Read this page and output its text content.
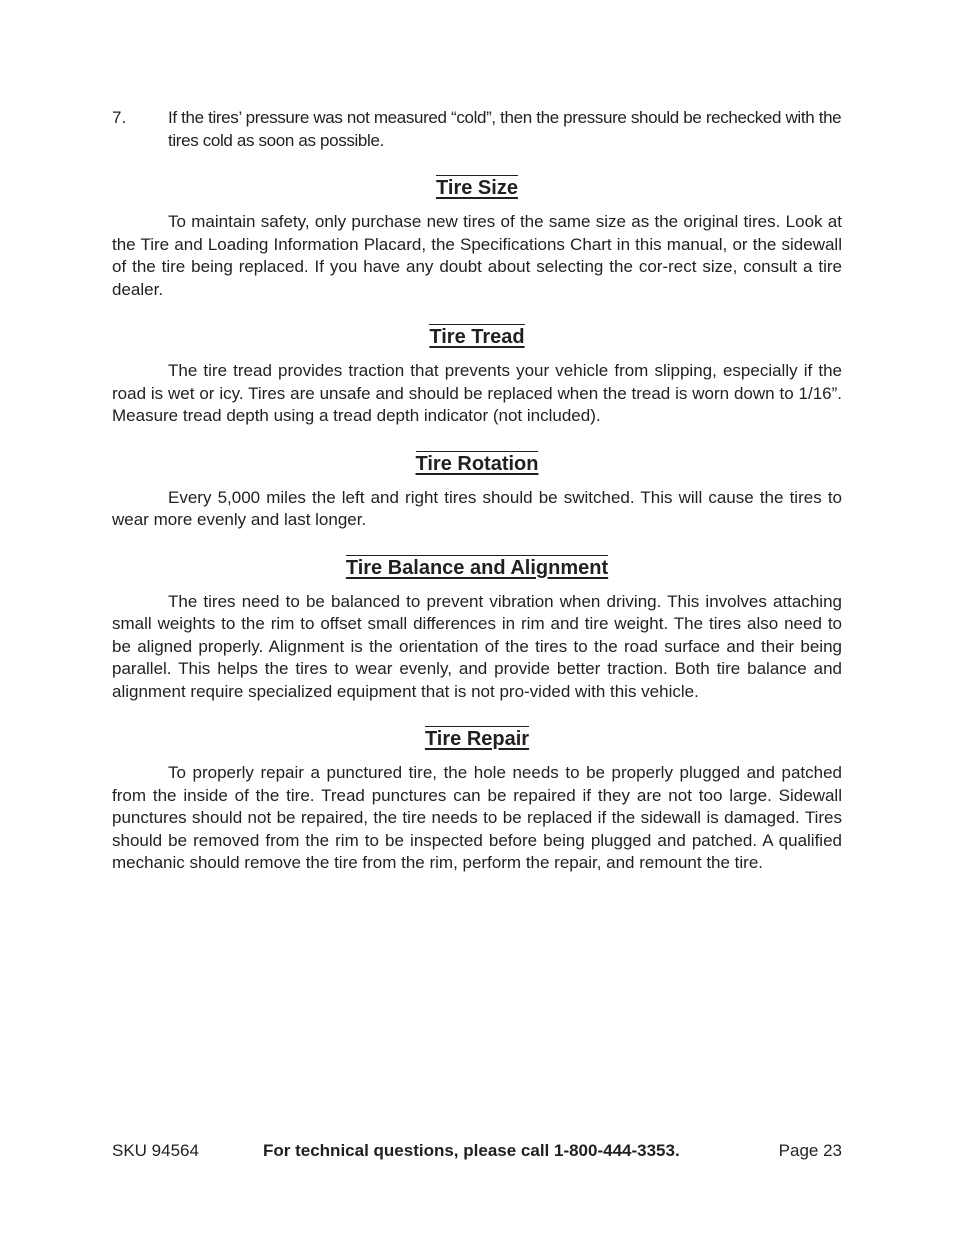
7.	If the tires’ pressure was not measured “cold”, then the pressure should be rechecked with the tires cold as soon as possible.
Tire Size

To maintain safety, only purchase new tires of the same size as the original tires. Look at the Tire and Loading Information Placard, the Specifications Chart in this manual, or the sidewall of the tire being replaced. If you have any doubt about selecting the cor-rect size, consult a tire dealer.

Tire Tread

The tire tread provides traction that prevents your vehicle from slipping, especially if the road is wet or icy. Tires are unsafe and should be replaced when the tread is worn down to 1/16”. Measure tread depth using a tread depth indicator (not included).

Tire Rotation

Every 5,000 miles the left and right tires should be switched. This will cause the tires to wear more evenly and last longer.

Tire Balance and Alignment

The tires need to be balanced to prevent vibration when driving. This involves attaching small weights to the rim to offset small differences in rim and tire weight. The tires also need to be aligned properly. Alignment is the orientation of the tires to the road surface and their being parallel. This helps the tires to wear evenly, and provide better traction. Both tire balance and alignment require specialized equipment that is not pro-vided with this vehicle.

Tire Repair

To properly repair a punctured tire, the hole needs to be properly plugged and patched from the inside of the tire. Tread punctures can be repaired if they are not too large. Sidewall punctures should not be repaired, the tire needs to be replaced if the sidewall is damaged. Tires should be removed from the rim to be inspected before being plugged and patched. A qualified mechanic should remove the tire from the rim, perform the repair, and remount the tire.

SKU 94564	For technical questions, please call 1-800-444-3353.	Page 23
